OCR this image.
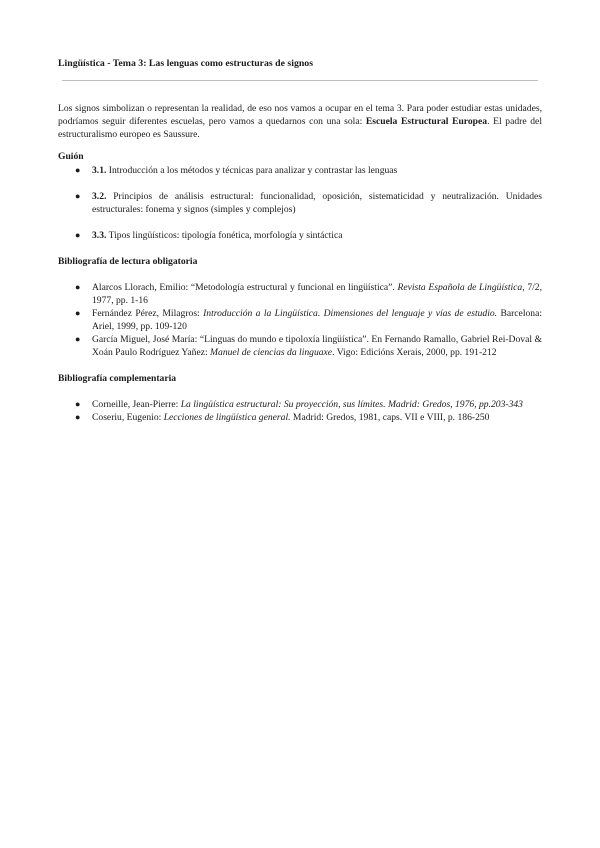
Lingüística - Tema 3: Las lenguas como estructuras de signos

Los signos simbolizan o representan la realidad, de eso nos vamos a ocupar en el tema 3. Para poder estudiar estas unidades, podríamos seguir diferentes escuelas, pero vamos a quedarnos con una sola: Escuela Estructural Europea. El padre del estructuralismo europeo es Saussure.

Guión

● 3.1. Introducción a los métodos y técnicas para analizar y contrastar las lenguas
● 3.2. Principios de análisis estructural: funcionalidad, oposición, sistematicidad y neutralización. Unidades estructurales: fonema y signos (simples y complejos)
● 3.3. Tipos lingüísticos: tipología fonética, morfología y sintáctica

Bibliografía de lectura obligatoria

● Alarcos Llorach, Emilio: “Metodología estructural y funcional en lingüística”. Revista Española de Lingüística, 7/2, 1977, pp. 1-16
● Fernández Pérez, Milagros: Introducción a la Lingüística. Dimensiones del lenguaje y vías de estudio. Barcelona: Ariel, 1999, pp. 109-120
● García Miguel, José María: “Linguas do mundo e tipoloxía lingüística”. En Fernando Ramallo, Gabriel Rei-Doval & Xoán Paulo Rodríguez Yañez: Manuel de ciencias da linguaxe. Vigo: Edicións Xerais, 2000, pp. 191-212

Bibliografía complementaria

● Corneille, Jean-Pierre: La lingüística estructural: Su proyección, sus límites. Madrid: Gredos, 1976, pp.203-343
● Coseriu, Eugenio: Lecciones de lingüística general. Madrid: Gredos, 1981, caps. VII e VIII, p. 186-250
